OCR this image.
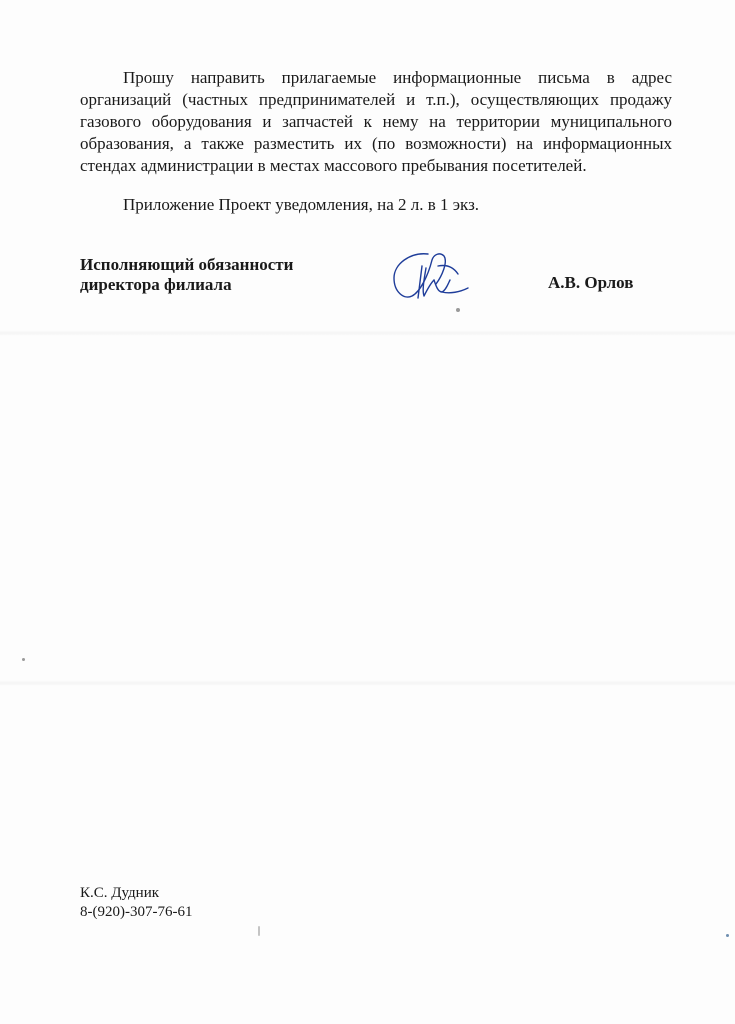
Прошу направить прилагаемые информационные письма в адрес организаций (частных предпринимателей и т.п.), осуществляющих продажу газового оборудования и запчастей к нему на территории муниципального образования, а также разместить их (по возможности) на информационных стендах администрации в местах массового пребывания посетителей.

Приложение Проект уведомления, на 2 л. в 1 экз.

Исполняющий обязанности
директора филиала	А.В. Орлов
К.С. Дудник
8-(920)-307-76-61
